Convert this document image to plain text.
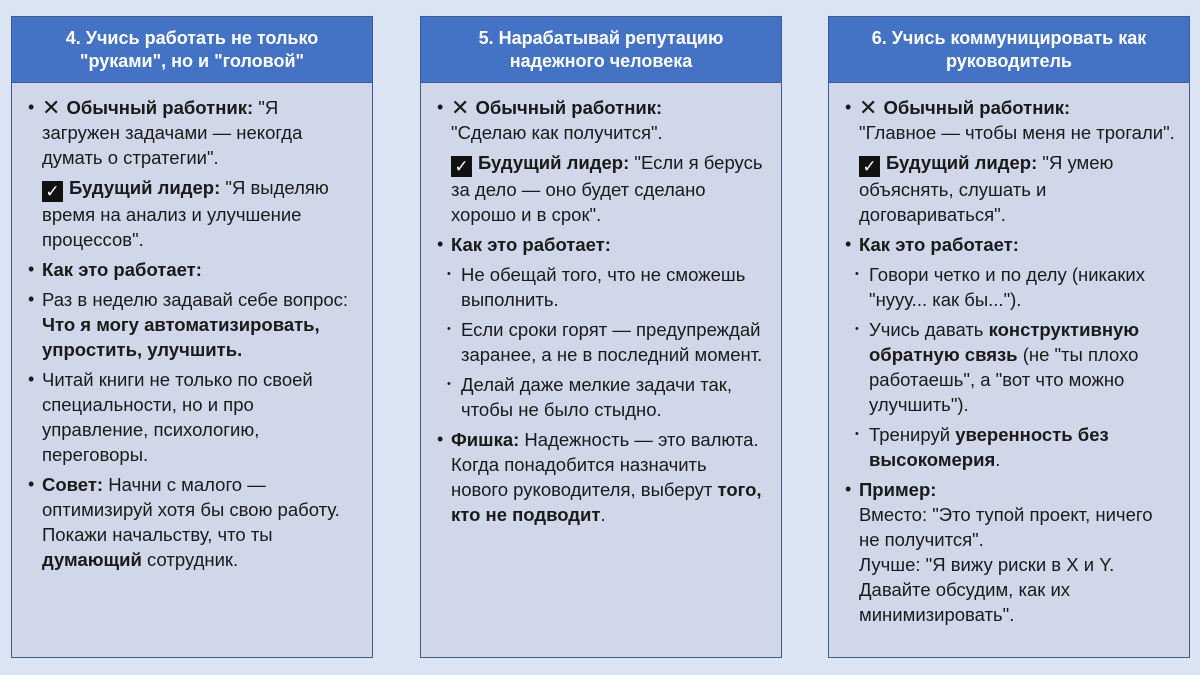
4. Учись работать не только "руками", но и "головой"
• ✕ Обычный работник: "Я загружен задачами — некогда думать о стратегии".
✓ Будущий лидер: "Я выделяю время на анализ и улучшение процессов".
• Как это работает:
• Раз в неделю задавай себе вопрос: Что я могу автоматизировать, упростить, улучшить.
• Читай книги не только по своей специальности, но и про управление, психологию, переговоры.
• Совет: Начни с малого — оптимизируй хотя бы свою работу. Покажи начальству, что ты думающий сотрудник.
5. Нарабатывай репутацию надежного человека
• ✕ Обычный работник:
"Сделаю как получится".
✓ Будущий лидер: "Если я берусь за дело — оно будет сделано хорошо и в срок".
• Как это работает:
• Не обещай того, что не сможешь выполнить.
• Если сроки горят — предупреждай заранее, а не в последний момент.
• Делай даже мелкие задачи так, чтобы не было стыдно.
• Фишка: Надежность — это валюта. Когда понадобится назначить нового руководителя, выберут того, кто не подводит.
6. Учись коммуницировать как руководитель
• ✕ Обычный работник:
"Главное — чтобы меня не трогали".
✓ Будущий лидер: "Я умею объяснять, слушать и договариваться".
• Как это работает:
• Говори четко и по делу (никаких "нууу... как бы...").
• Учись давать конструктивную обратную связь (не "ты плохо работаешь", а "вот что можно улучшить").
• Тренируй уверенность без высокомерия.
• Пример:
Вместо: "Это тупой проект, ничего не получится".
Лучше: "Я вижу риски в X и Y. Давайте обсудим, как их минимизировать".
